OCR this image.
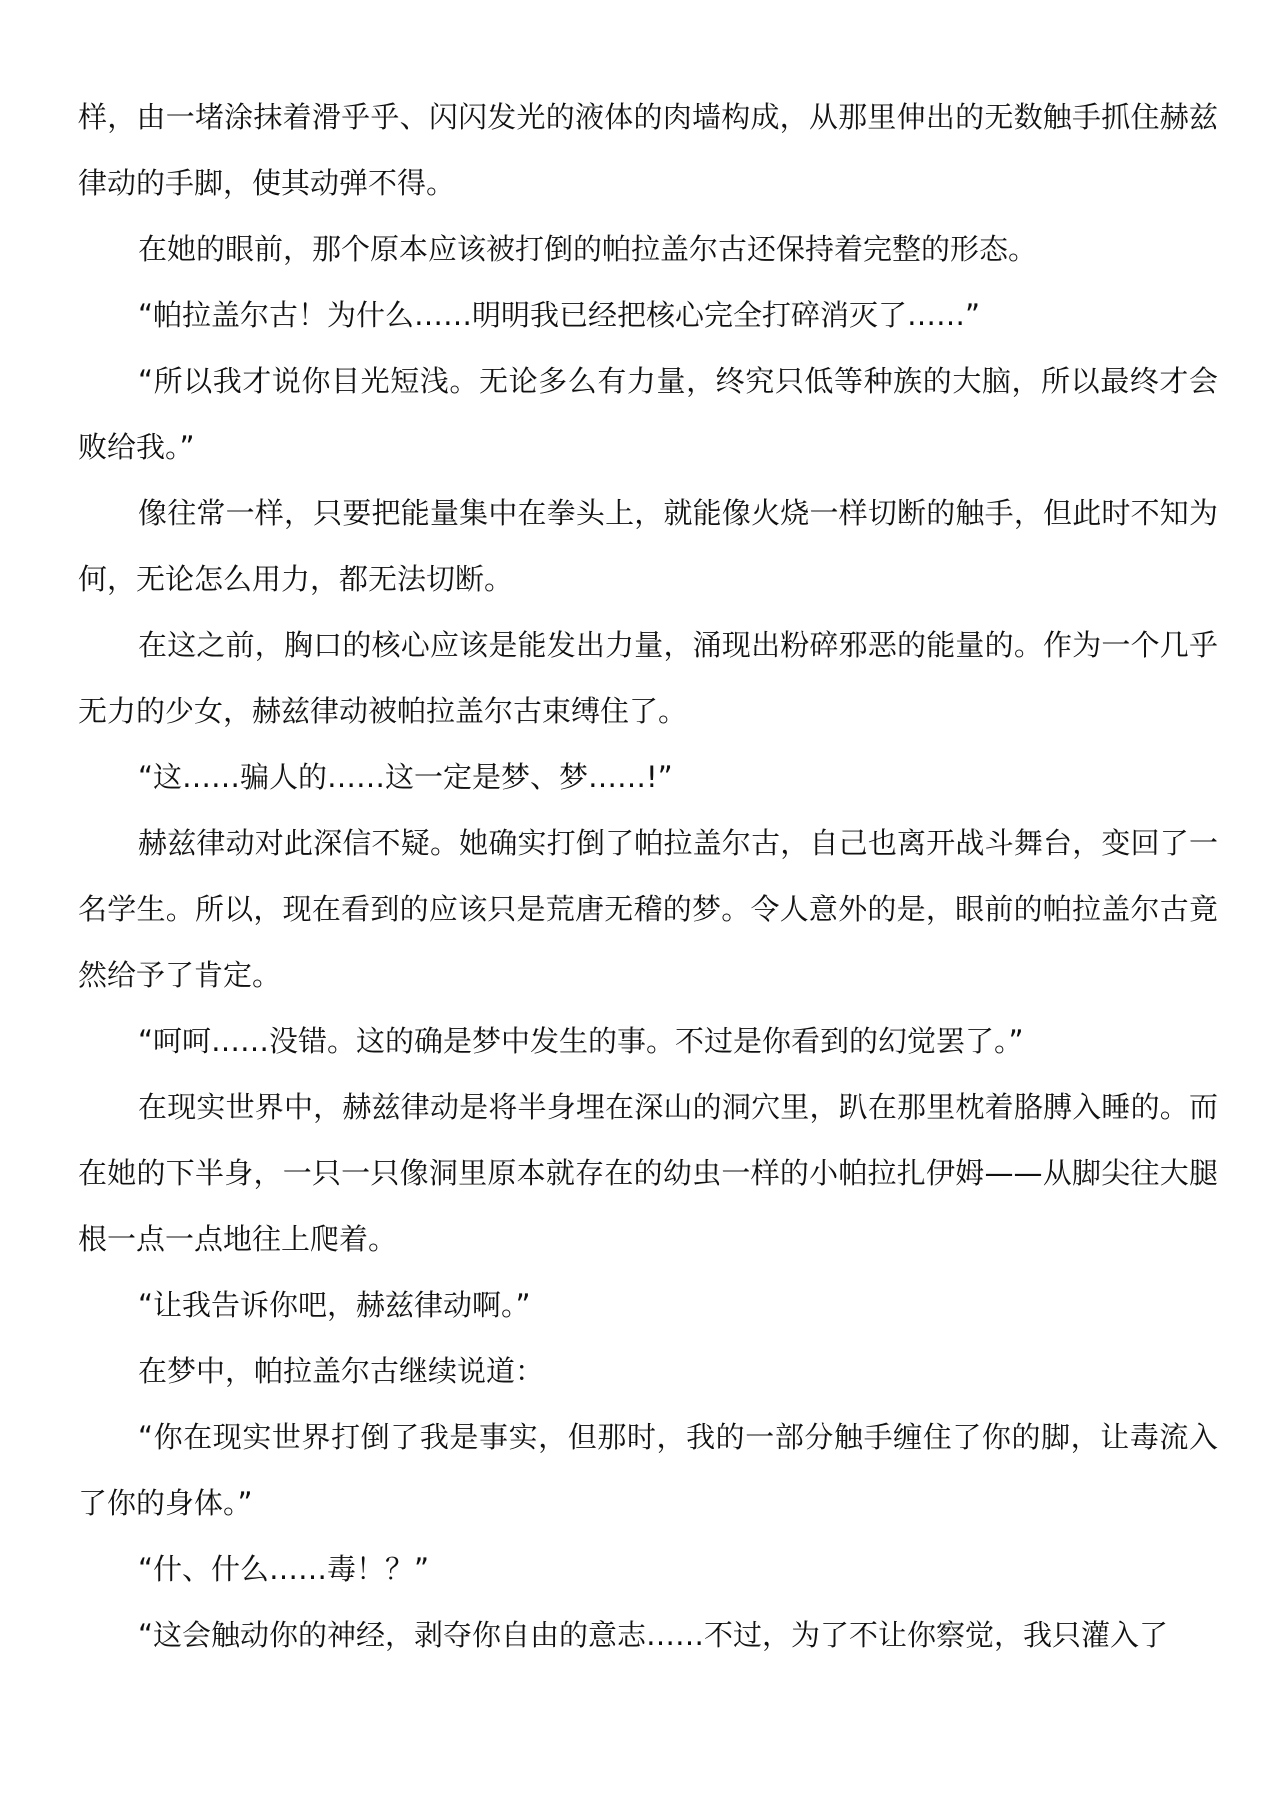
样，由一堵涂抹着滑乎乎、闪闪发光的液体的肉墙构成，从那里伸出的无数触手抓住赫兹律动的手脚，使其动弹不得。

在她的眼前，那个原本应该被打倒的帕拉盖尔古还保持着完整的形态。

“帕拉盖尔古！为什么……明明我已经把核心完全打碎消灭了……”

“所以我才说你目光短浅。无论多么有力量，终究只低等种族的大脑，所以最终才会败给我。”

像往常一样，只要把能量集中在拳头上，就能像火烧一样切断的触手，但此时不知为何，无论怎么用力，都无法切断。

在这之前，胸口的核心应该是能发出力量，涌现出粉碎邪恶的能量的。作为一个几乎无力的少女，赫兹律动被帕拉盖尔古束缚住了。

“这……骗人的……这一定是梦、梦……!”

赫兹律动对此深信不疑。她确实打倒了帕拉盖尔古，自己也离开战斗舞台，变回了一名学生。所以，现在看到的应该只是荒唐无稽的梦。令人意外的是，眼前的帕拉盖尔古竟然给予了肯定。

“呵呵……没错。这的确是梦中发生的事。不过是你看到的幻觉罢了。”

在现实世界中，赫兹律动是将半身埋在深山的洞穴里，趴在那里枕着胳膊入睡的。而在她的下半身，一只一只像洞里原本就存在的幼虫一样的小帕拉扎伊姆——从脚尖往大腿根一点一点地往上爬着。

“让我告诉你吧，赫兹律动啊。”

在梦中，帕拉盖尔古继续说道：

“你在现实世界打倒了我是事实，但那时，我的一部分触手缠住了你的脚，让毒流入了你的身体。”

“什、什么……毒！？”

“这会触动你的神经，剥夺你自由的意志……不过，为了不让你察觉，我只灌入了
